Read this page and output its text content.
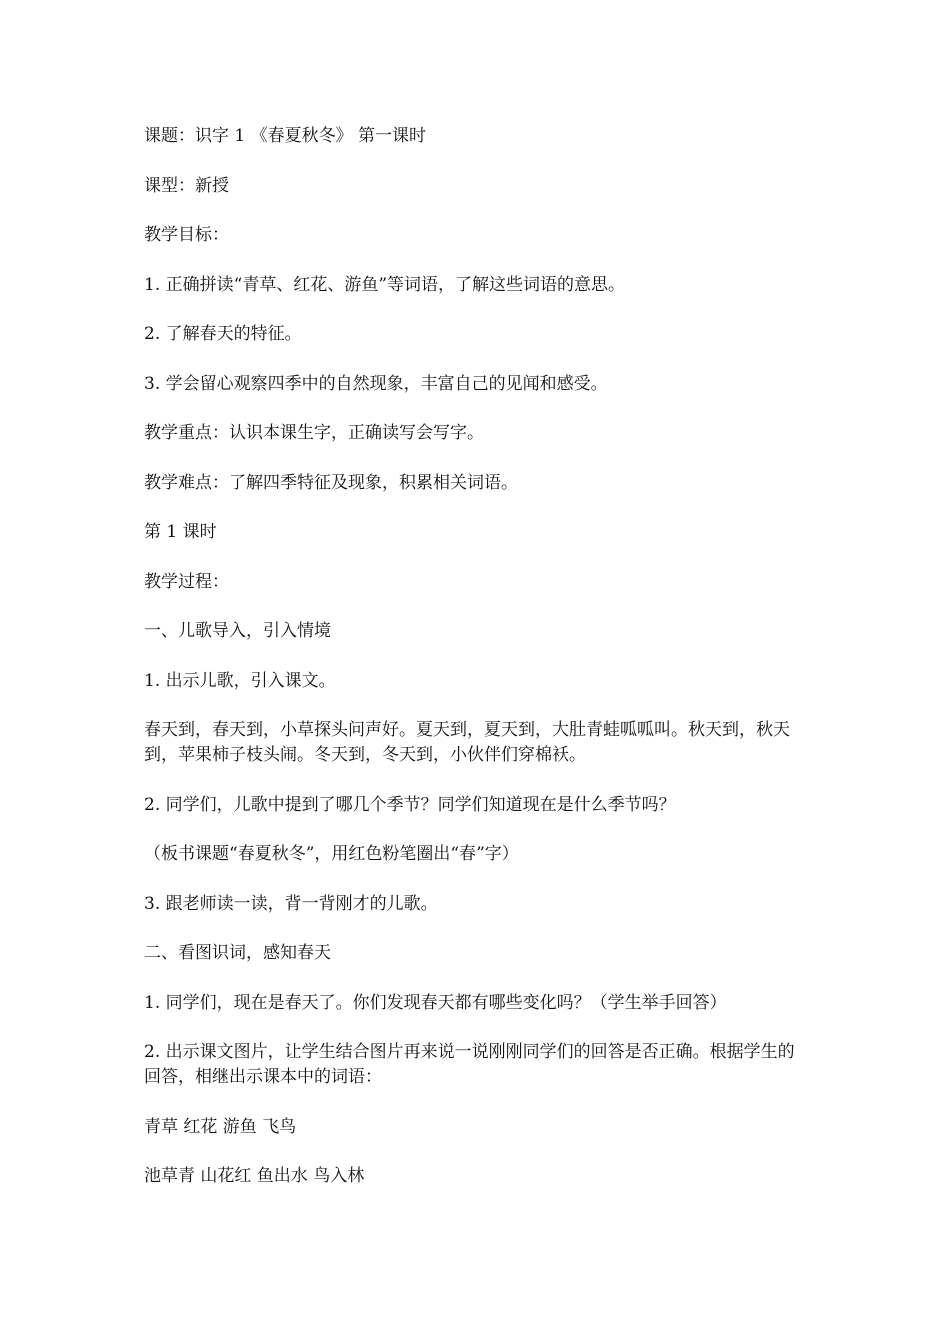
课题：识字 1 《春夏秋冬》 第一课时

课型：新授

教学目标：

1. 正确拼读“青草、红花、游鱼”等词语，了解这些词语的意思。

2. 了解春天的特征。

3. 学会留心观察四季中的自然现象，丰富自己的见闻和感受。

教学重点：认识本课生字，正确读写会写字。

教学难点：了解四季特征及现象，积累相关词语。

第 1 课时

教学过程：

一、儿歌导入，引入情境

1. 出示儿歌，引入课文。

春天到，春天到，小草探头问声好。夏天到，夏天到，大肚青蛙呱呱叫。秋天到，秋天到，苹果柿子枝头闹。冬天到，冬天到，小伙伴们穿棉袄。

2. 同学们，儿歌中提到了哪几个季节？同学们知道现在是什么季节吗？

（板书课题“春夏秋冬”，用红色粉笔圈出“春”字）

3. 跟老师读一读，背一背刚才的儿歌。

二、看图识词，感知春天

1. 同学们，现在是春天了。你们发现春天都有哪些变化吗？（学生举手回答）

2. 出示课文图片，让学生结合图片再来说一说刚刚同学们的回答是否正确。根据学生的回答，相继出示课本中的词语：

青草 红花 游鱼 飞鸟

池草青 山花红 鱼出水 鸟入林
